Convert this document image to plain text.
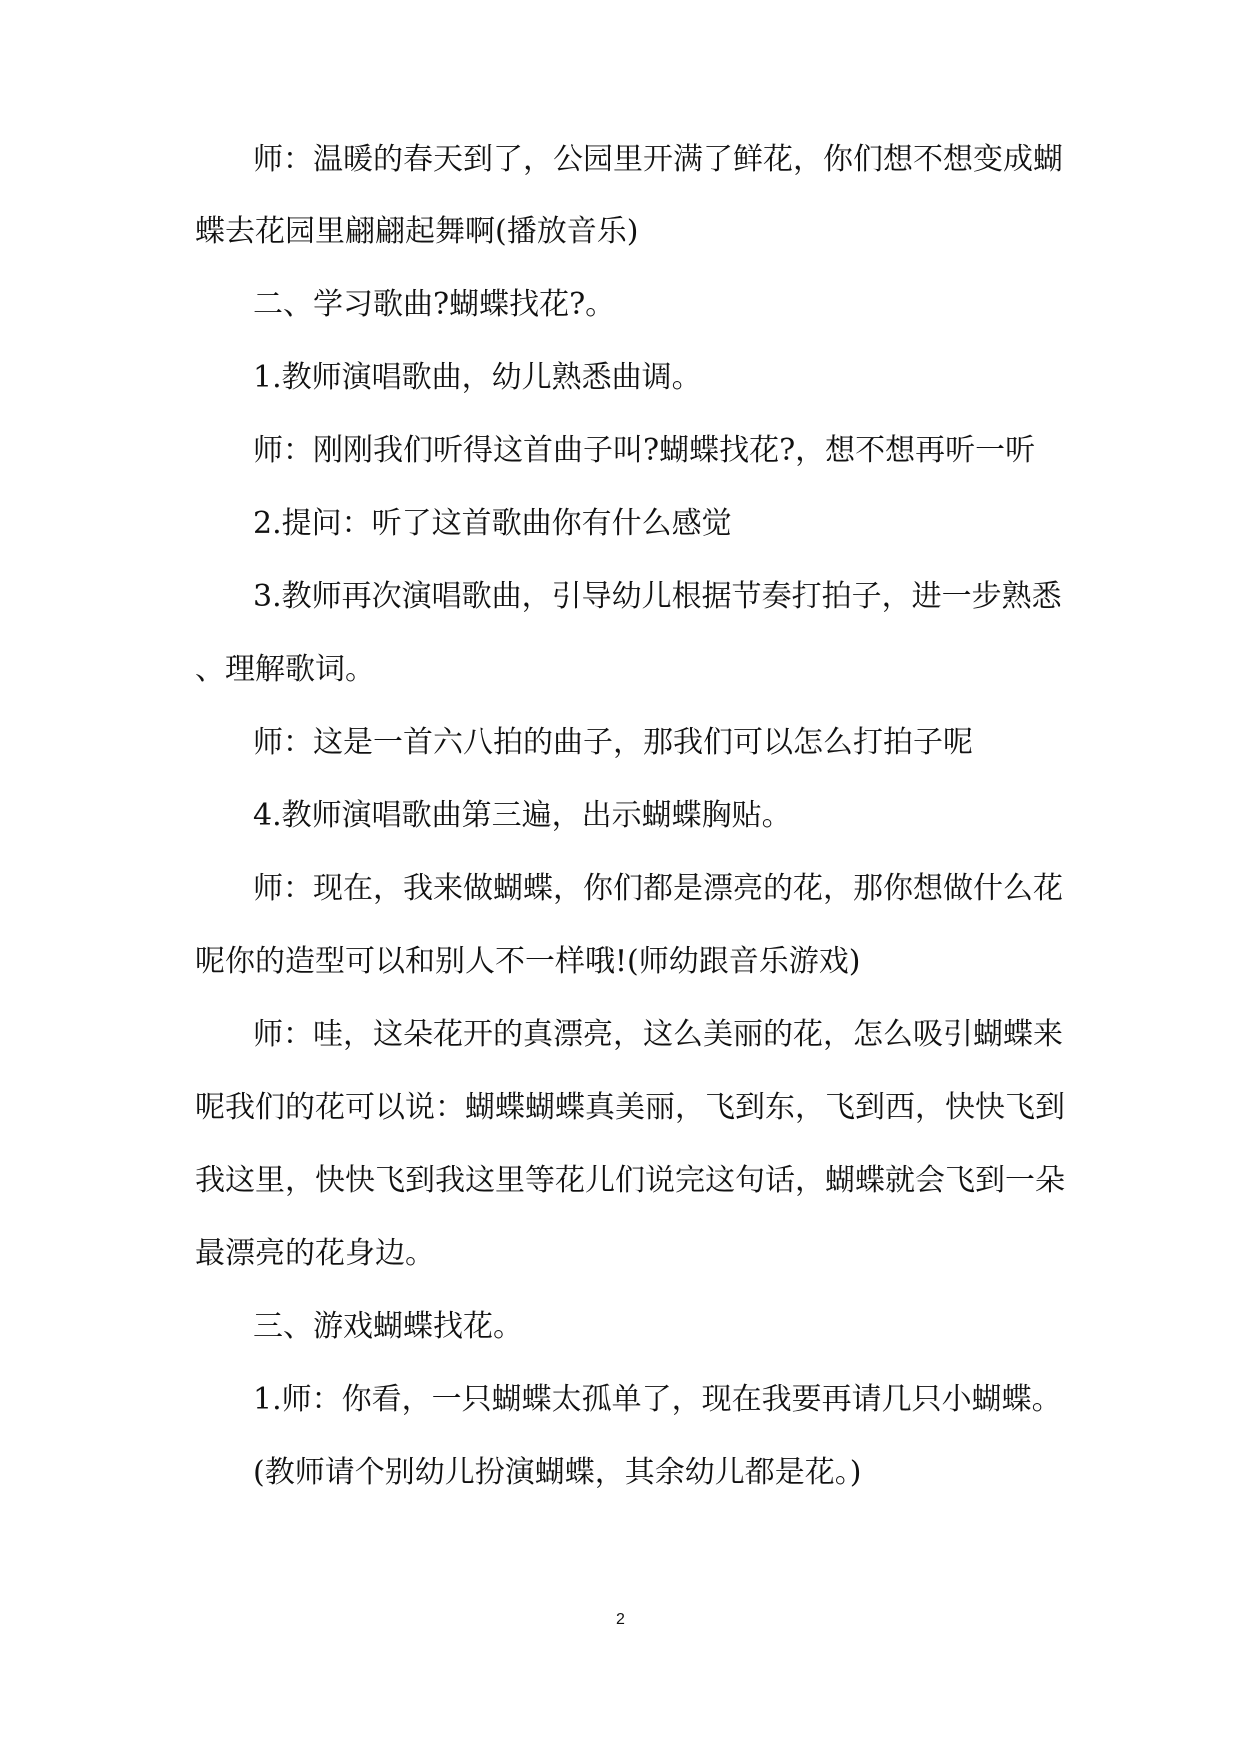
师：温暖的春天到了，公园里开满了鲜花，你们想不想变成蝴
蝶去花园里翩翩起舞啊(播放音乐)
二、学习歌曲?蝴蝶找花?。
1.教师演唱歌曲，幼儿熟悉曲调。
师：刚刚我们听得这首曲子叫?蝴蝶找花?，想不想再听一听
2.提问：听了这首歌曲你有什么感觉
3.教师再次演唱歌曲，引导幼儿根据节奏打拍子，进一步熟悉
、理解歌词。
师：这是一首六八拍的曲子，那我们可以怎么打拍子呢
4.教师演唱歌曲第三遍，出示蝴蝶胸贴。
师：现在，我来做蝴蝶，你们都是漂亮的花，那你想做什么花
呢你的造型可以和别人不一样哦!(师幼跟音乐游戏)
师：哇，这朵花开的真漂亮，这么美丽的花，怎么吸引蝴蝶来
呢我们的花可以说：蝴蝶蝴蝶真美丽，飞到东，飞到西，快快飞到
我这里，快快飞到我这里等花儿们说完这句话，蝴蝶就会飞到一朵
最漂亮的花身边。
三、游戏蝴蝶找花。
1.师：你看，一只蝴蝶太孤单了，现在我要再请几只小蝴蝶。
(教师请个别幼儿扮演蝴蝶，其余幼儿都是花。)
2
